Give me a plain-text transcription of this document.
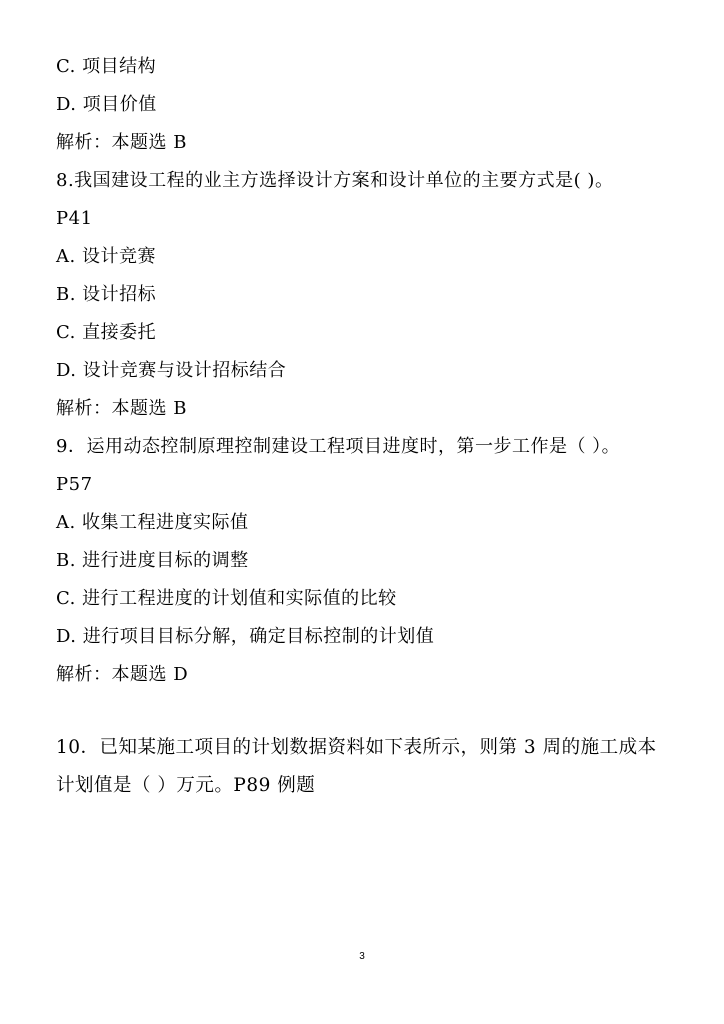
C. 项目结构
D. 项目价值
解析：本题选 B
8.我国建设工程的业主方选择设计方案和设计单位的主要方式是( )。
P41
A. 设计竞赛
B. 设计招标
C. 直接委托
D. 设计竞赛与设计招标结合
解析：本题选 B
9．运用动态控制原理控制建设工程项目进度时，第一步工作是（ ）。
P57
A. 收集工程进度实际值
B. 进行进度目标的调整
C. 进行工程进度的计划值和实际值的比较
D. 进行项目目标分解，确定目标控制的计划值
解析：本题选 D
10．已知某施工项目的计划数据资料如下表所示，则第 3 周的施工成本
计划值是（ ）万元。P89 例题
3
